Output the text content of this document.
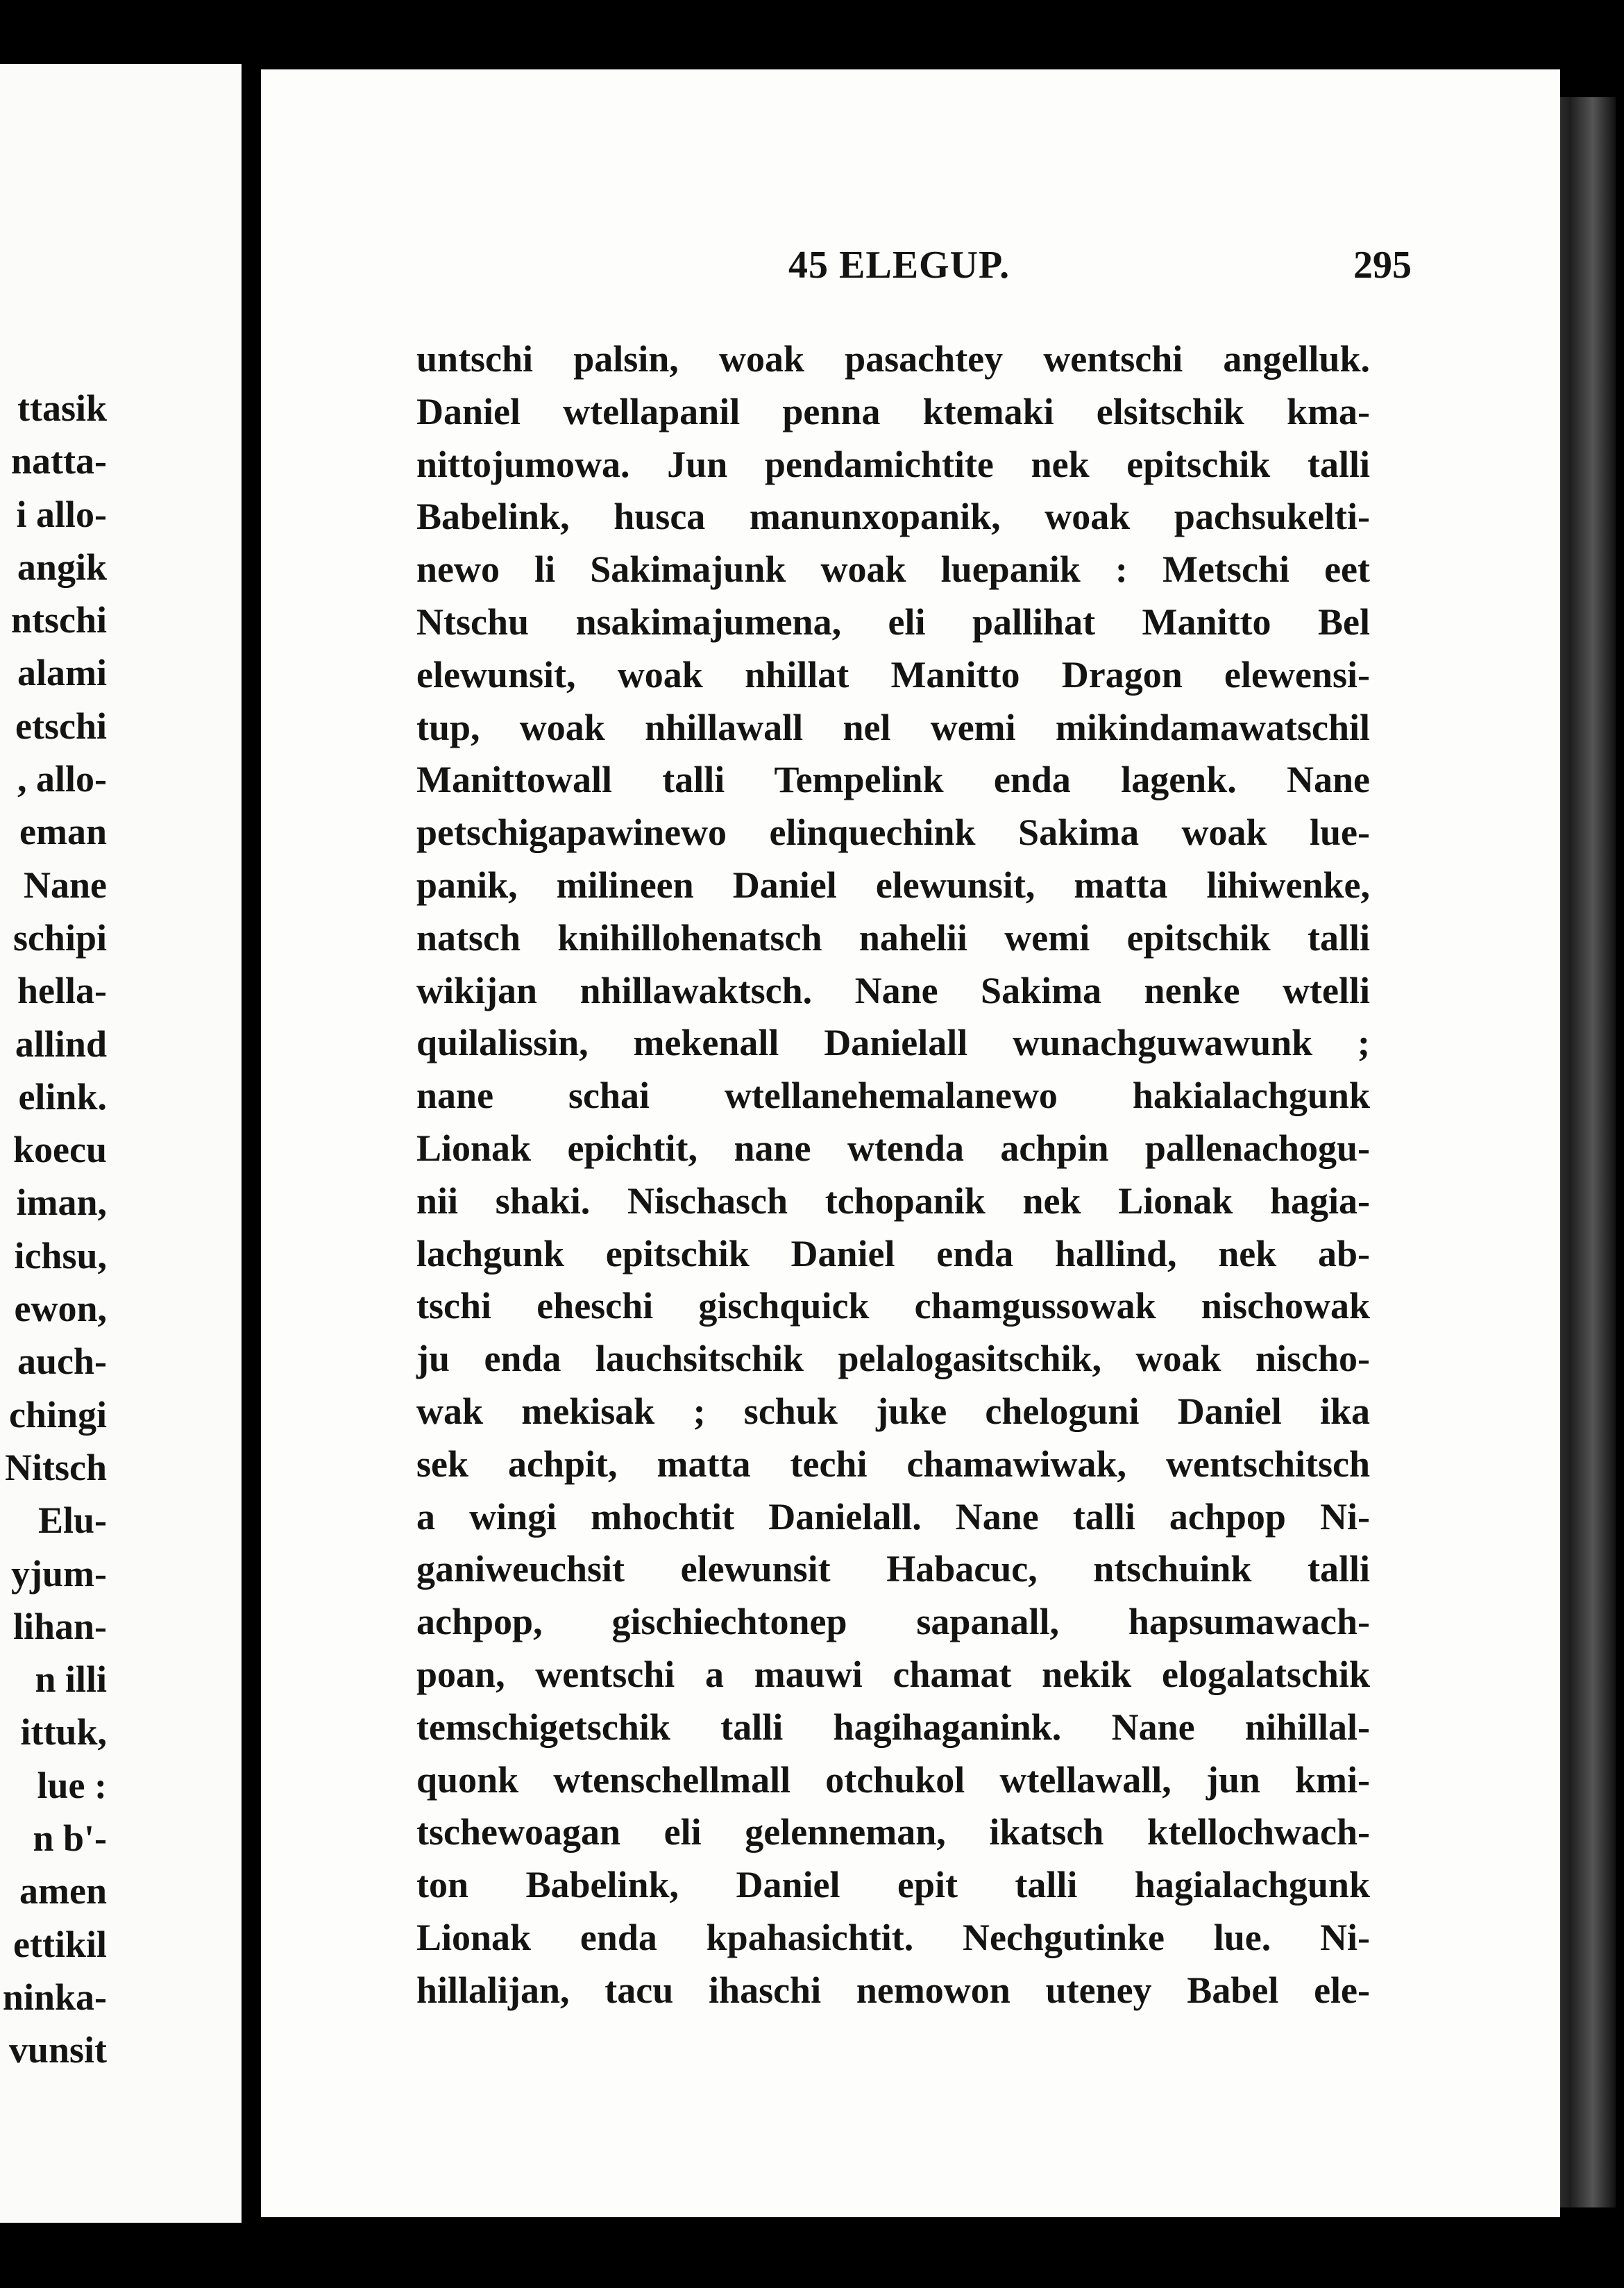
ttasik
natta-
i allo-
angik
ntschi
alami
etschi
, allo-
eman
Nane
schipi
hella-
allind
elink.
koecu
iman,
ichsu,
ewon,
auch-
chingi
Nitsch
Elu-
yjum-
lihan-
n illi
ittuk,
lue :
n b'-
amen
ettikil
ninka-
vunsit
45 ELEGUP.	295
untschi palsin, woak pasachtey wentschi angelluk.
Daniel wtellapanil penna ktemaki elsitschik kma-
nittojumowa. Jun pendamichtite nek epitschik talli
Babelink, husca manunxopanik, woak pachsukelti-
newo li Sakimajunk woak luepanik : Metschi eet
Ntschu nsakimajumena, eli pallihat Manitto Bel
elewunsit, woak nhillat Manitto Dragon elewensi-
tup, woak nhillawall nel wemi mikindamawatschil
Manittowall talli Tempelink enda lagenk. Nane
petschigapawinewo elinquechink Sakima woak lue-
panik, milineen Daniel elewunsit, matta lihiwenke,
natsch knihillohenatsch nahelii wemi epitschik talli
wikijan nhillawaktsch. Nane Sakima nenke wtelli
quilalissin, mekenall Danielall wunachguwawunk ;
nane schai wtellanehemalanewo hakialachgunk
Lionak epichtit, nane wtenda achpin pallenachogu-
nii shaki. Nischasch tchopanik nek Lionak hagia-
lachgunk epitschik Daniel enda hallind, nek ab-
tschi eheschi gischquick chamgussowak nischowak
ju enda lauchsitschik pelalogasitschik, woak nischo-
wak mekisak ; schuk juke cheloguni Daniel ika
sek achpit, matta techi chamawiwak, wentschitsch
a wingi mhochtit Danielall. Nane talli achpop Ni-
ganiweuchsit elewunsit Habacuc, ntschuink talli
achpop, gischiechtonep sapanall, hapsumawach-
poan, wentschi a mauwi chamat nekik elogalatschik
temschigetschik talli hagihaganink. Nane nihillal-
quonk wtenschellmall otchukol wtellawall, jun kmi-
tschewoagan eli gelenneman, ikatsch ktellochwach-
ton Babelink, Daniel epit talli hagialachgunk
Lionak enda kpahasichtit. Nechgutinke lue. Ni-
hillalijan, tacu ihaschi nemowon uteney Babel ele-
